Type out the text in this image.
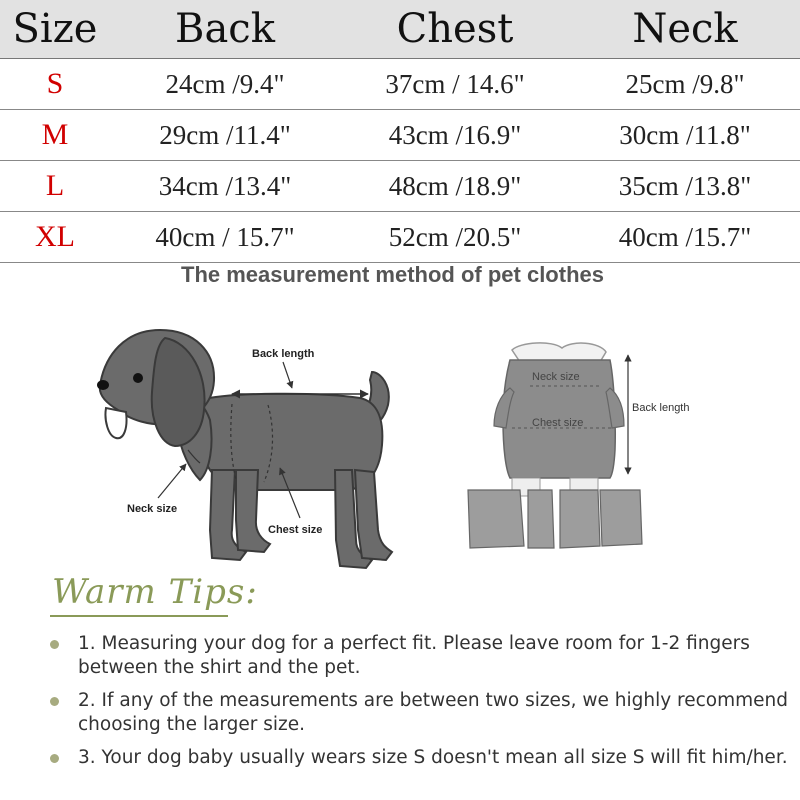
Size	Back	Chest	Neck
S	24cm /9.4"	37cm / 14.6"	25cm /9.8"
M	29cm /11.4"	43cm /16.9"	30cm /11.8"
L	34cm /13.4"	48cm /18.9"	35cm /13.8"
XL	40cm / 15.7"	52cm /20.5"	40cm /15.7"
The measurement method of pet clothes
Back length
Neck size
Chest size
Neck size
Chest size
Back length
Warm Tips:
1. Measuring your dog for a perfect fit. Please leave room for 1-2 fingers between the shirt and the pet.
2. If any of the measurements are between two sizes, we highly recommend choosing the larger size.
3. Your dog baby usually wears size S doesn't mean all size S will fit him/her.
